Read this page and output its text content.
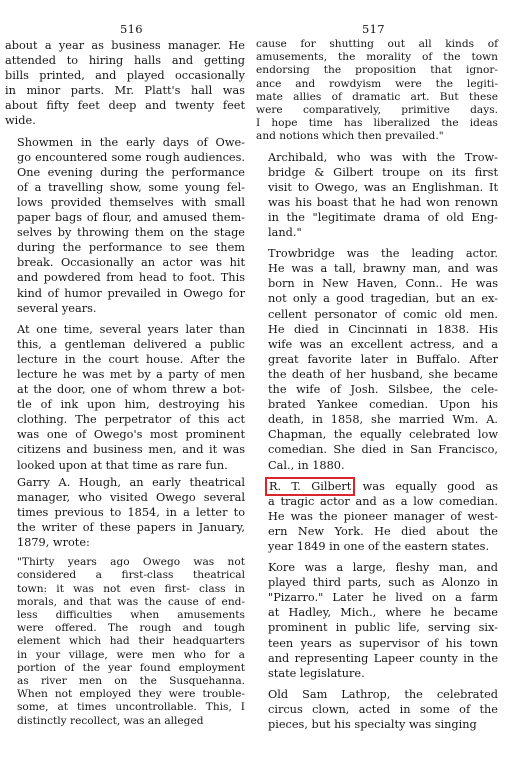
516	517

about a year as business manager. He
attended to hiring halls and getting
bills printed, and played occasionally
in minor parts. Mr. Platt's hall was
about fifty feet deep and twenty feet
wide.

Showmen in the early days of Owe-
go encountered some rough audiences.
One evening during the performance
of a travelling show, some young fel-
lows provided themselves with small
paper bags of flour, and amused them-
selves by throwing them on the stage
during the performance to see them
break. Occasionally an actor was hit
and powdered from head to foot. This
kind of humor prevailed in Owego for
several years.

At one time, several years later than
this, a gentleman delivered a public
lecture in the court house. After the
lecture he was met by a party of men
at the door, one of whom threw a bot-
tle of ink upon him, destroying his
clothing. The perpetrator of this act
was one of Owego's most prominent
citizens and business men, and it was
looked upon at that time as rare fun.

Garry A. Hough, an early theatrical
manager, who visited Owego several
times previous to 1854, in a letter to
the writer of these papers in January,
1879, wrote:

"Thirty years ago Owego was not
considered a first-class theatrical
town: it was not even first- class in
morals, and that was the cause of end-
less difficulties when amusements
were offered. The rough and tough
element which had their headquarters
in your village, were men who for a
portion of the year found employment
as river men on the Susquehanna.
When not employed they were trouble-
some, at times uncontrollable. This, I
distinctly recollect, was an alleged

cause for shutting out all kinds of
amusements, the morality of the town
endorsing the proposition that ignor-
ance and rowdyism were the legiti-
mate allies of dramatic art. But these
were comparatively, primitive days.
I hope time has liberalized the ideas
and notions which then prevailed."

Archibald, who was with the Trow-
bridge & Gilbert troupe on its first
visit to Owego, was an Englishman. It
was his boast that he had won renown
in the "legitimate drama of old Eng-
land."

Trowbridge was the leading actor.
He was a tall, brawny man, and was
born in New Haven, Conn.. He was
not only a good tragedian, but an ex-
cellent personator of comic old men.
He died in Cincinnati in 1838. His
wife was an excellent actress, and a
great favorite later in Buffalo. After
the death of her husband, she became
the wife of Josh. Silsbee, the cele-
brated Yankee comedian. Upon his
death, in 1858, she married Wm. A.
Chapman, the equally celebrated low
comedian. She died in San Francisco,
Cal., in 1880.

R. T. Gilbert was equally good as
a tragic actor and as a low comedian.
He was the pioneer manager of west-
ern New York. He died about the
year 1849 in one of the eastern states.

Kore was a large, fleshy man, and
played third parts, such as Alonzo in
"Pizarro." Later he lived on a farm
at Hadley, Mich., where he became
prominent in public life, serving six-
teen years as supervisor of his town
and representing Lapeer county in the
state legislature.

Old Sam Lathrop, the celebrated
circus clown, acted in some of the
pieces, but his specialty was singing
